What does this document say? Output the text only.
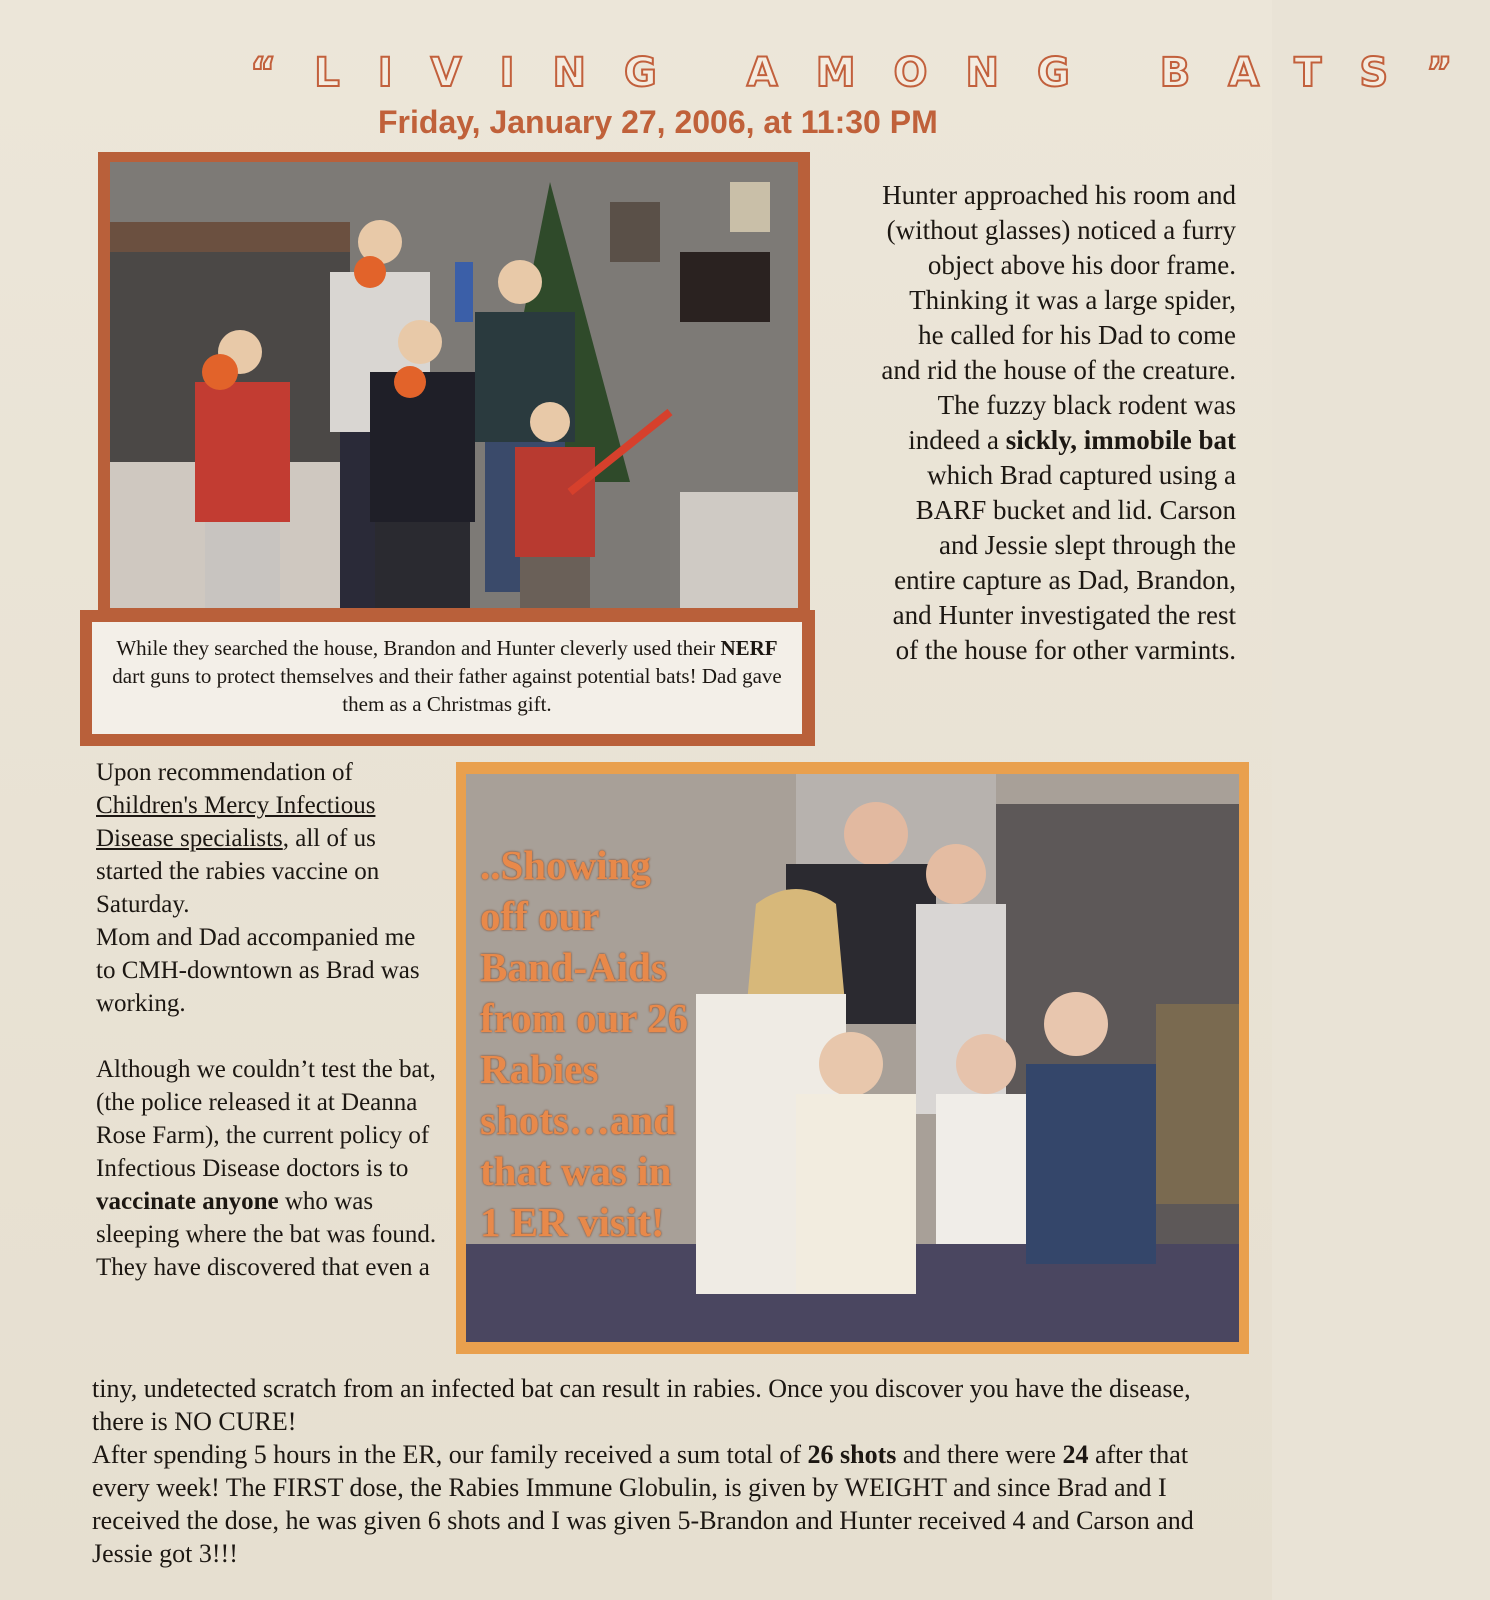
“LIVING AMONG BATS”
Friday, January 27, 2006, at 11:30 PM
While they searched the house, Brandon and Hunter cleverly used their NERF dart guns to protect themselves and their father against potential bats! Dad gave them as a Christmas gift.
Hunter approached his room and
(without glasses) noticed a furry
object above his door frame.
Thinking it was a large spider,
he called for his Dad to come
and rid the house of the creature.
The fuzzy black rodent was
indeed a sickly, immobile bat
which Brad captured using a
BARF bucket and lid. Carson
and Jessie slept through the
entire capture as Dad, Brandon,
and Hunter investigated the rest
of the house for other varmints.
Upon recommendation of
Children's Mercy Infectious Disease specialists, all of us started the rabies vaccine on Saturday.
Mom and Dad accompanied me to CMH-downtown as Brad was working.
Although we couldn’t test the bat, (the police released it at Deanna Rose Farm), the current policy of Infectious Disease doctors is to vaccinate anyone who was sleeping where the bat was found. They have discovered that even a
..Showing off our Band-Aids from our 26 Rabies shots…and that was in 1 ER visit!
tiny, undetected scratch from an infected bat can result in rabies. Once you discover you have the disease, there is NO CURE!
After spending 5 hours in the ER, our family received a sum total of 26 shots and there were 24 after that every week! The FIRST dose, the Rabies Immune Globulin, is given by WEIGHT and since Brad and I received the dose, he was given 6 shots and I was given 5-Brandon and Hunter received 4 and Carson and Jessie got 3!!!
